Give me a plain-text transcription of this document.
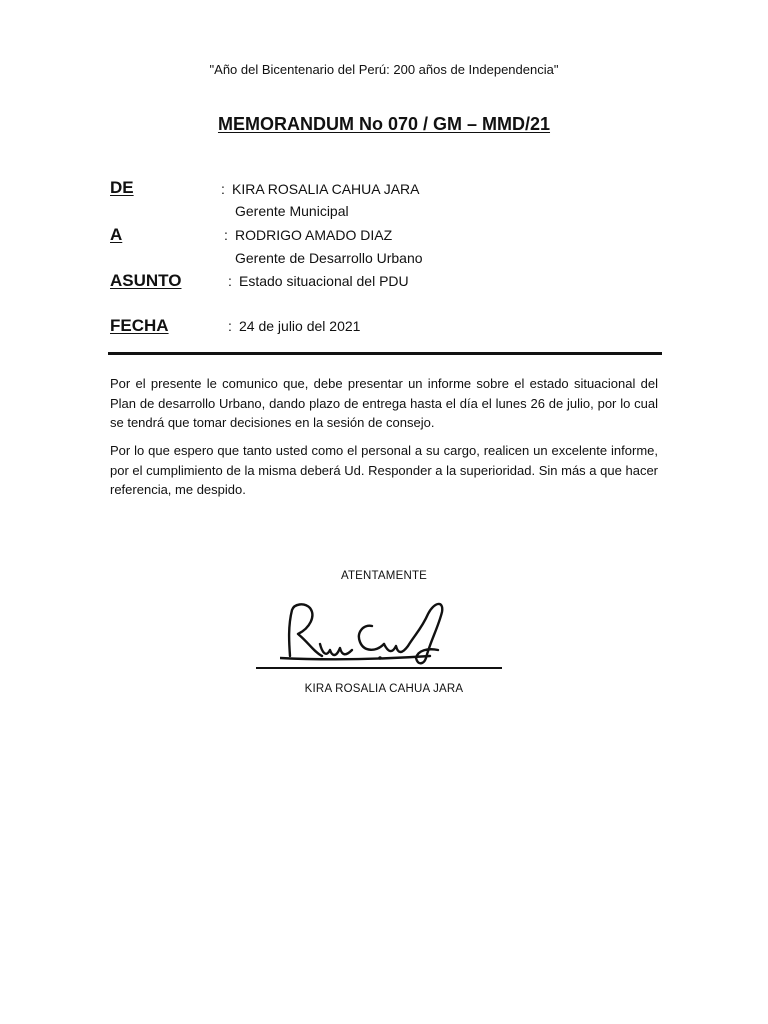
"Año del Bicentenario del Perú: 200 años de Independencia"
MEMORANDUM No 070 / GM – MMD/21
DE	: KIRA ROSALIA CAHUA JARA
Gerente Municipal
A	: RODRIGO AMADO DIAZ
Gerente de Desarrollo Urbano
ASUNTO	: Estado situacional del PDU
FECHA	: 24 de julio del 2021
Por el presente le comunico que, debe presentar un informe sobre el estado situacional del Plan de desarrollo Urbano, dando plazo de entrega hasta el día el lunes 26 de julio, por lo cual se tendrá que tomar decisiones en la sesión de consejo.
Por lo que espero que tanto usted como el personal a su cargo, realicen un excelente informe, por el cumplimiento de la misma deberá Ud. Responder a la superioridad. Sin más a que hacer referencia, me despido.
ATENTAMENTE
KIRA ROSALIA CAHUA JARA
